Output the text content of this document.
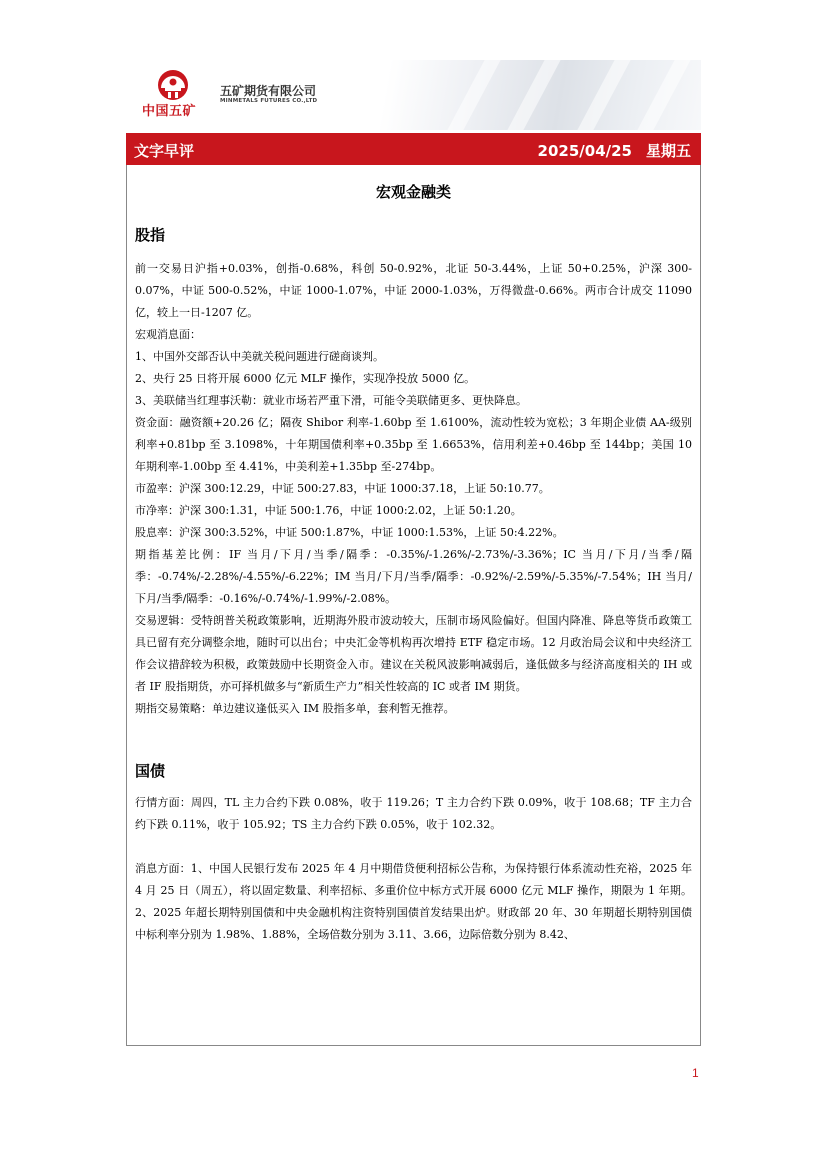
中国五矿
五矿期货有限公司
MINMETALS FUTURES CO.,LTD
文字早评	2025/04/25 星期五
宏观金融类
股指

前一交易日沪指+0.03%，创指-0.68%，科创 50-0.92%，北证 50-3.44%，上证 50+0.25%，沪深 300-0.07%，中证 500-0.52%，中证 1000-1.07%，中证 2000-1.03%，万得微盘-0.66%。两市合计成交 11090 亿，较上一日-1207 亿。

宏观消息面：

1、中国外交部否认中美就关税问题进行磋商谈判。

2、央行 25 日将开展 6000 亿元 MLF 操作，实现净投放 5000 亿。

3、美联储当红理事沃勒：就业市场若严重下滑，可能令美联储更多、更快降息。

资金面：融资额+20.26 亿；隔夜 Shibor 利率-1.60bp 至 1.6100%，流动性较为宽松；3 年期企业债 AA-级别利率+0.81bp 至 3.1098%，十年期国债利率+0.35bp 至 1.6653%，信用利差+0.46bp 至 144bp；美国 10 年期利率-1.00bp 至 4.41%，中美利差+1.35bp 至-274bp。

市盈率：沪深 300:12.29，中证 500:27.83，中证 1000:37.18，上证 50:10.77。

市净率：沪深 300:1.31，中证 500:1.76，中证 1000:2.02，上证 50:1.20。

股息率：沪深 300:3.52%，中证 500:1.87%，中证 1000:1.53%，上证 50:4.22%。

期指基差比例：IF 当月/下月/当季/隔季：-0.35%/-1.26%/-2.73%/-3.36%；IC 当月/下月/当季/隔季：-0.74%/-2.28%/-4.55%/-6.22%；IM 当月/下月/当季/隔季：-0.92%/-2.59%/-5.35%/-7.54%；IH 当月/下月/当季/隔季：-0.16%/-0.74%/-1.99%/-2.08%。

交易逻辑：受特朗普关税政策影响，近期海外股市波动较大，压制市场风险偏好。但国内降准、降息等货币政策工具已留有充分调整余地，随时可以出台；中央汇金等机构再次增持 ETF 稳定市场。12 月政治局会议和中央经济工作会议措辞较为积极，政策鼓励中长期资金入市。建议在关税风波影响减弱后，逢低做多与经济高度相关的 IH 或者 IF 股指期货，亦可择机做多与“新质生产力”相关性较高的 IC 或者 IM 期货。

期指交易策略：单边建议逢低买入 IM 股指多单，套利暂无推荐。

国债

行情方面：周四，TL 主力合约下跌 0.08%，收于 119.26；T 主力合约下跌 0.09%，收于 108.68；TF 主力合约下跌 0.11%，收于 105.92；TS 主力合约下跌 0.05%，收于 102.32。

消息方面：1、中国人民银行发布 2025 年 4 月中期借贷便利招标公告称，为保持银行体系流动性充裕，2025 年 4 月 25 日（周五），将以固定数量、利率招标、多重价位中标方式开展 6000 亿元 MLF 操作，期限为 1 年期。2、2025 年超长期特别国债和中央金融机构注资特别国债首发结果出炉。财政部 20 年、30 年期超长期特别国债中标利率分别为 1.98%、1.88%，全场倍数分别为 3.11、3.66，边际倍数分别为 8.42、

1
